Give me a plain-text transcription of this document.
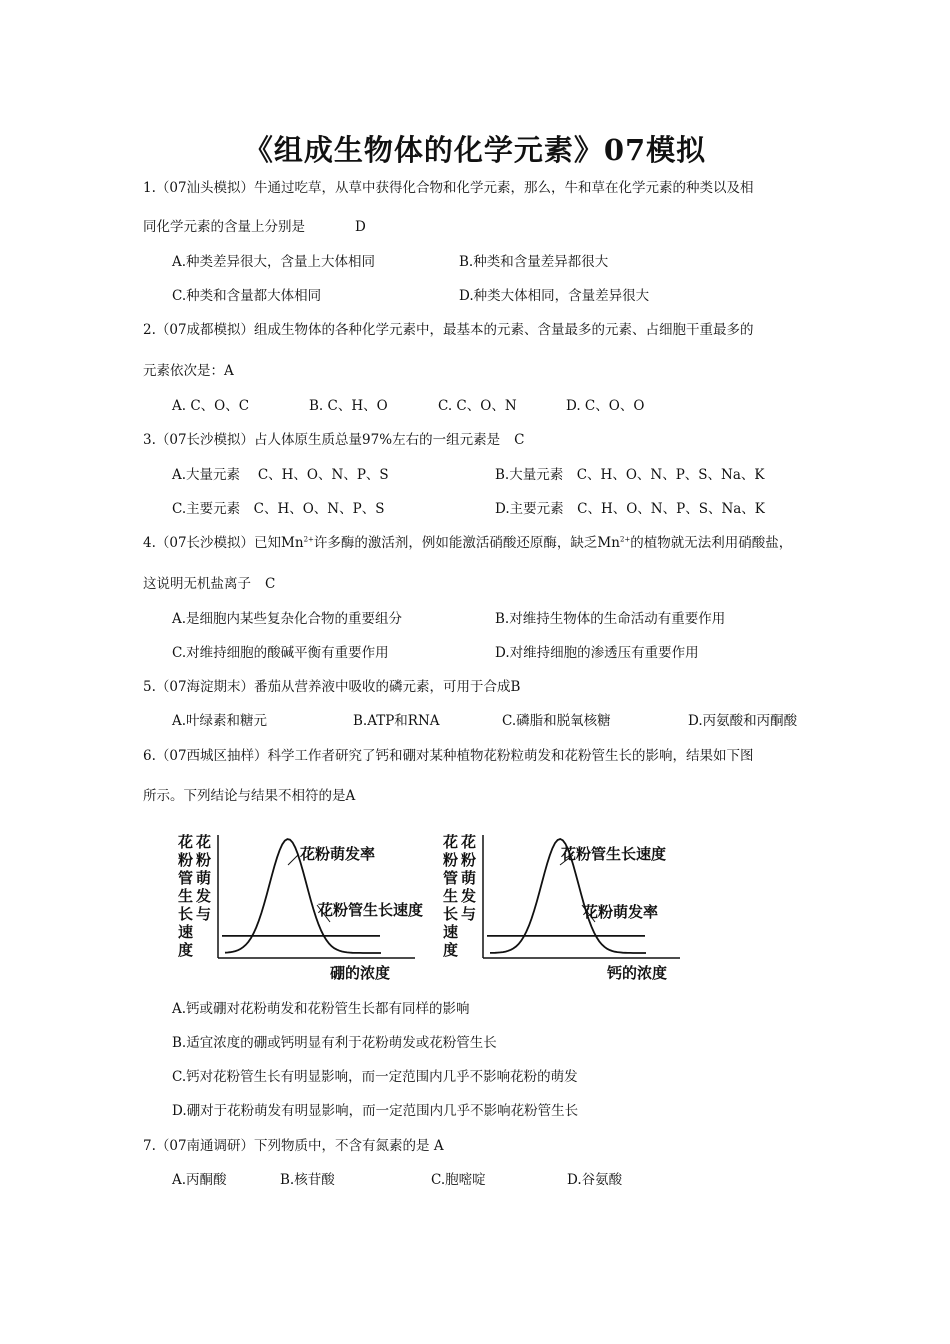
《组成生物体的化学元素》07模拟
1.（07汕头模拟）牛通过吃草，从草中获得化合物和化学元素，那么，牛和草在化学元素的种类以及相
同化学元素的含量上分别是	D
A.种类差异很大，含量上大体相同	B.种类和含量差异都很大
C.种类和含量都大体相同	D.种类大体相同，含量差异很大
2.（07成都模拟）组成生物体的各种化学元素中，最基本的元素、含量最多的元素、占细胞干重最多的
元素依次是：A
A. C、O、C	B. C、H、O	C. C、O、N	D. C、O、O
3.（07长沙模拟）占人体原生质总量97%左右的一组元素是 C
A.大量元素　 C、H、O、N、P、S	B.大量元素　C、H、O、N、P、S、Na、K
C.主要元素　C、H、O、N、P、S	D.主要元素　C、H、O、N、P、S、Na、K
4.（07长沙模拟）已知$Mn^{2+}$许多酶的激活剂，例如能激活硝酸还原酶，缺乏$Mn^{2+}$的植物就无法利用硝酸盐，
这说明无机盐离子 C
A.是细胞内某些复杂化合物的重要组分	B.对维持生物体的生命活动有重要作用
C.对维持细胞的酸碱平衡有重要作用	D.对维持细胞的渗透压有重要作用
5.（07海淀期末）番茄从营养液中吸收的磷元素，可用于合成B
A.叶绿素和糖元	B.ATP和RNA	C.磷脂和脱氧核糖	D.丙氨酸和丙酮酸
6.（07西城区抽样）科学工作者研究了钙和硼对某种植物花粉粒萌发和花粉管生长的影响，结果如下图
所示。下列结论与结果不相符的是A
花
粉
萌
发
与
花
粉
管
生
长
速
度
花粉萌发率
花粉管生长速度
硼的浓度
花
粉
萌
发
与
花
粉
管
生
长
速
度
花粉管生长速度
花粉萌发率
钙的浓度
A.钙或硼对花粉萌发和花粉管生长都有同样的影响
B.适宜浓度的硼或钙明显有利于花粉萌发或花粉管生长
C.钙对花粉管生长有明显影响，而一定范围内几乎不影响花粉的萌发
D.硼对于花粉萌发有明显影响，而一定范围内几乎不影响花粉管生长
7.（07南通调研）下列物质中，不含有氮素的是 A
A.丙酮酸	B.核苷酸	C.胞嘧啶	D.谷氨酸
